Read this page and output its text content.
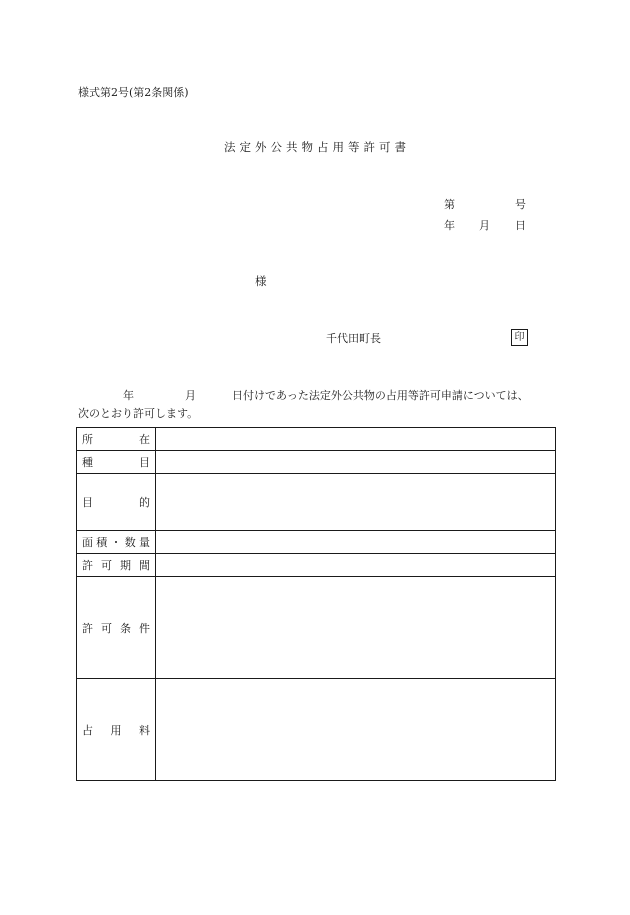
様式第2号(第2条関係)
法定外公共物占用等許可書
第	号
年 月 日
様
千代田町長	印
年	月	日付けであった法定外公共物の占用等許可申請については、
次のとおり許可します。
所 在	

種 目	

目 的	

面 積 ・ 数 量	

許 可 期 間	

許 可 条 件	

占 用 料	
